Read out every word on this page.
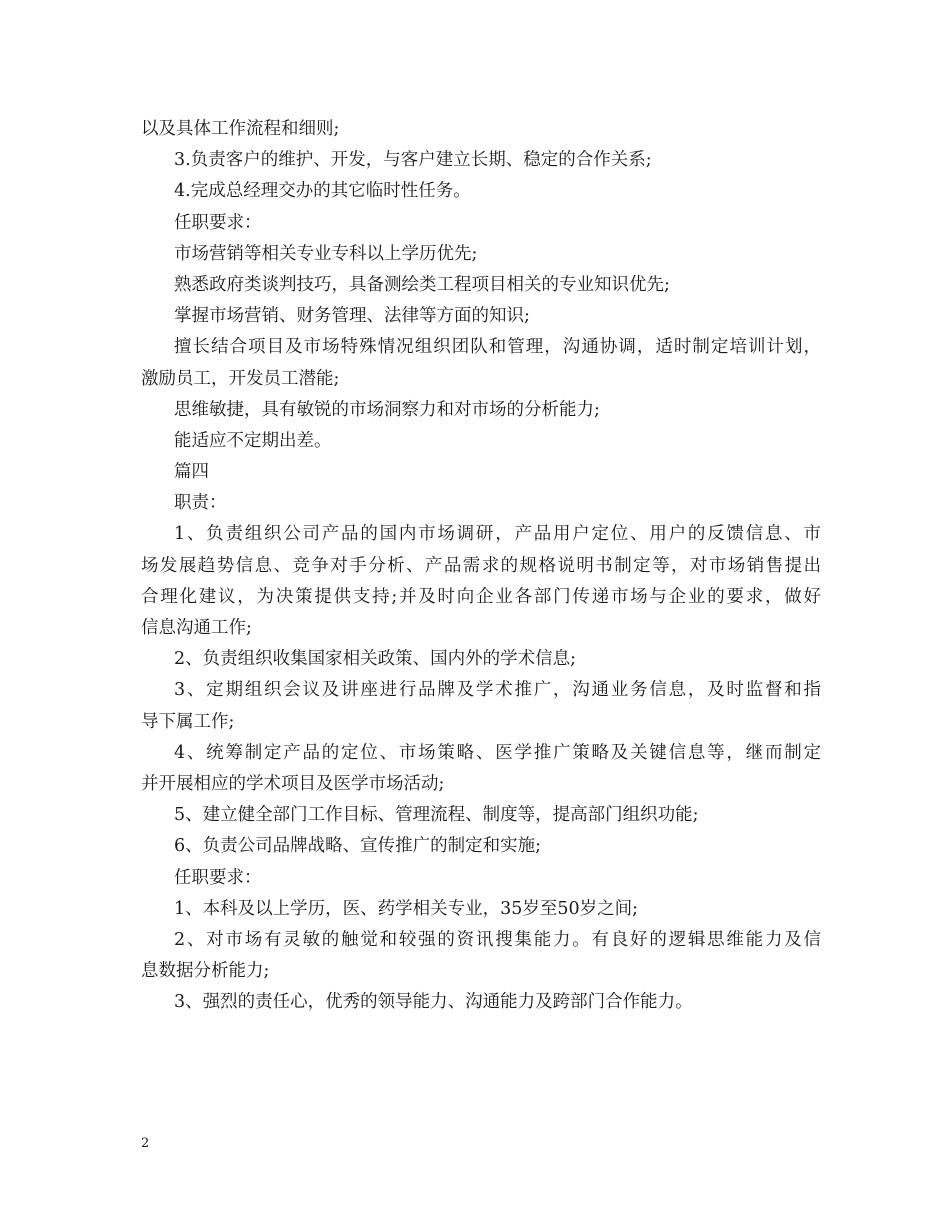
以及具体工作流程和细则;
3.负责客户的维护、开发，与客户建立长期、稳定的合作关系;
4.完成总经理交办的其它临时性任务。
任职要求：
市场营销等相关专业专科以上学历优先;
熟悉政府类谈判技巧，具备测绘类工程项目相关的专业知识优先;
掌握市场营销、财务管理、法律等方面的知识;
擅长结合项目及市场特殊情况组织团队和管理，沟通协调，适时制定培训计划，
激励员工，开发员工潜能;
思维敏捷，具有敏锐的市场洞察力和对市场的分析能力;
能适应不定期出差。
篇四
职责：
1、负责组织公司产品的国内市场调研，产品用户定位、用户的反馈信息、市
场发展趋势信息、竞争对手分析、产品需求的规格说明书制定等，对市场销售提出
合理化建议，为决策提供支持;并及时向企业各部门传递市场与企业的要求，做好
信息沟通工作;
2、负责组织收集国家相关政策、国内外的学术信息;
3、定期组织会议及讲座进行品牌及学术推广，沟通业务信息，及时监督和指
导下属工作;
4、统筹制定产品的定位、市场策略、医学推广策略及关键信息等，继而制定
并开展相应的学术项目及医学市场活动;
5、建立健全部门工作目标、管理流程、制度等，提高部门组织功能;
6、负责公司品牌战略、宣传推广的制定和实施;
任职要求：
1、本科及以上学历，医、药学相关专业，35岁至50岁之间;
2、对市场有灵敏的触觉和较强的资讯搜集能力。有良好的逻辑思维能力及信
息数据分析能力;
3、强烈的责任心，优秀的领导能力、沟通能力及跨部门合作能力。
2
